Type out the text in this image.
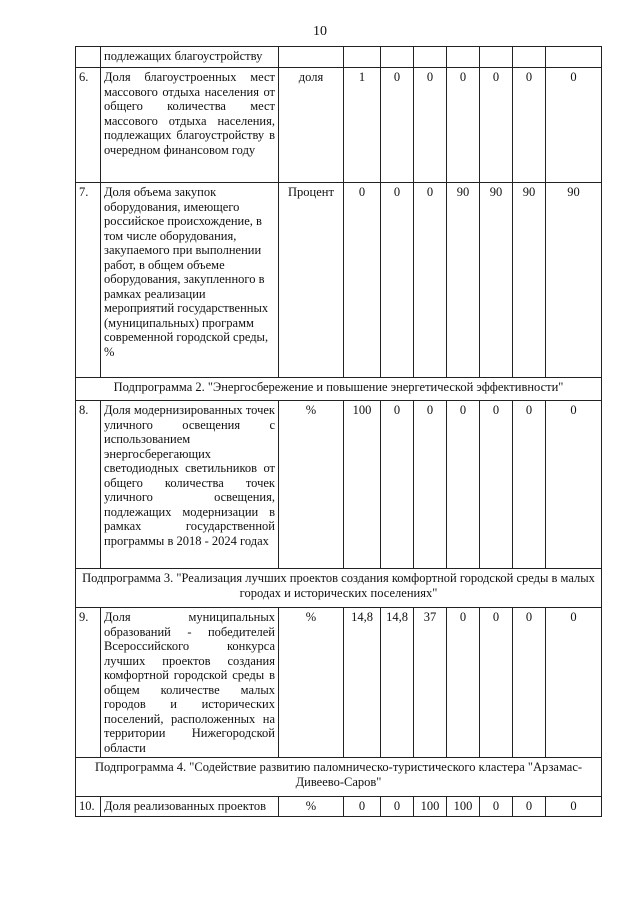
10
	подлежащих благоустройству								
6.	Доля благоустроенных мест массового отдыха населения от общего количества мест массового отдыха населения, подлежащих благоустройству в очередном финансовом году	доля	1	0	0	0	0	0	0
7.	Доля объема закупок оборудования, имеющего российское происхождение, в том числе оборудования, закупаемого при выполнении работ, в общем объеме оборудования, закупленного в рамках реализации мероприятий государственных (муниципальных) программ современной городской среды, %	Процент	0	0	0	90	90	90	90
Подпрограмма 2. "Энергосбережение и повышение энергетической эффективности"									
8.	Доля модернизированных точек уличного освещения с использованием энергосберегающих светодиодных светильников от общего количества точек уличного освещения, подлежащих модернизации в рамках государственной программы в 2018 - 2024 годах	%	100	0	0	0	0	0	0
Подпрограмма 3. "Реализация лучших проектов создания комфортной городской среды в малых городах и исторических поселениях"									
9.	Доля муниципальных образований - победителей Всероссийского конкурса лучших проектов создания комфортной городской среды в общем количестве малых городов и исторических поселений, расположенных на территории Нижегородской области	%	14,8	14,8	37	0	0	0	0
Подпрограмма 4. "Содействие развитию паломническо-туристического кластера "Арзамас-Дивеево-Саров"									
10.	Доля реализованных проектов	%	0	0	100	100	0	0	0
